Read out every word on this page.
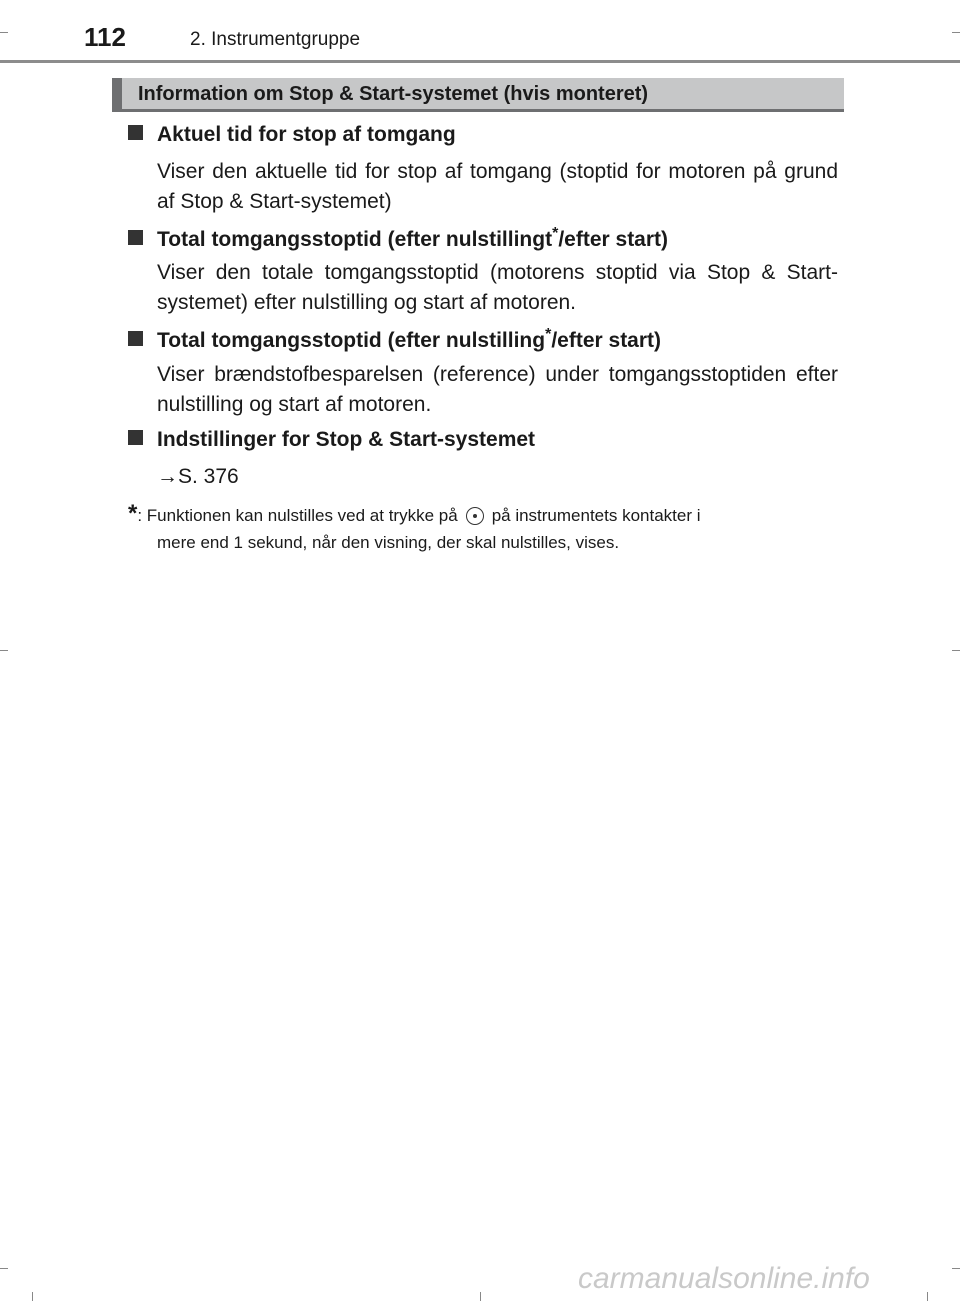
112	2. Instrumentgruppe
Information om Stop & Start-systemet (hvis monteret)
Aktuel tid for stop af tomgang
Viser den aktuelle tid for stop af tomgang (stoptid for motoren på grund af Stop & Start-systemet)
Total tomgangsstoptid (efter nulstillingt*/efter start)
Viser den totale tomgangsstoptid (motorens stoptid via Stop & Start-systemet) efter nulstilling og start af motoren.
Total tomgangsstoptid (efter nulstilling*/efter start)
Viser brændstofbesparelsen (reference) under tomgangsstoptiden efter nulstilling og start af motoren.
Indstillinger for Stop & Start-systemet
→S. 376
*: Funktionen kan nulstilles ved at trykke på på instrumentets kontakter i
mere end 1 sekund, når den visning, der skal nulstilles, vises.
carmanualsonline.info
